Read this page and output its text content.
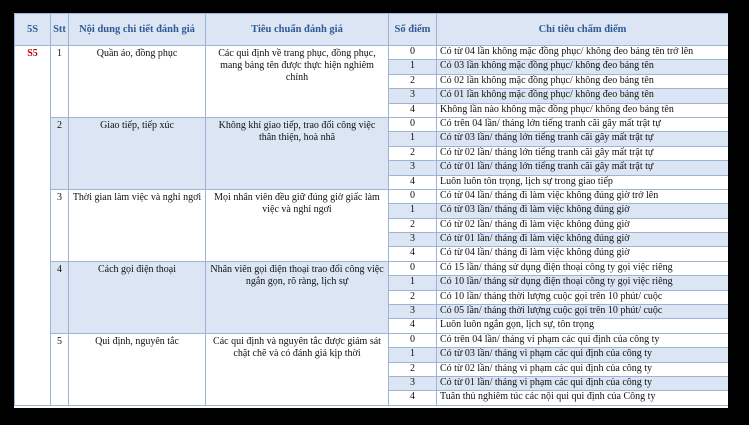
5S	Stt	Nội dung chi tiết đánh giá	Tiêu chuẩn đánh giá	Số điểm	Chỉ tiêu chấm điểm
S5	1	Quần áo, đồng phục	Các qui định về trang phục, đồng phục, mang bảng tên được thực hiện nghiêm chỉnh	0	Có từ 04 lần không mặc đồng phục/ không đeo bảng tên trở lên
				1	Có 03 lần không mặc đồng phục/ không đeo bảng tên
				2	Có 02 lần không mặc đồng phục/ không đeo bảng tên
				3	Có 01 lần không mặc đồng phục/ không đeo bảng tên
				4	Không lần nào không mặc đồng phục/ không đeo bảng tên
	2	Giao tiếp, tiếp xúc	Không khí giao tiếp, trao đổi công việc thân thiện, hoà nhã	0	Có trên 04 lần/ tháng lớn tiếng tranh cãi gây mất trật tự
				1	Có từ 03 lần/ tháng lớn tiếng tranh cãi gây mất trật tự
				2	Có từ 02 lần/ tháng lớn tiếng tranh cãi gây mất trật tự
				3	Có từ 01 lần/ tháng lớn tiếng tranh cãi gây mất trật tự
				4	Luôn luôn tôn trọng, lịch sự trong giao tiếp
	3	Thời gian làm việc và nghỉ ngơi	Mọi nhân viên đều giữ đúng giờ giấc làm việc và nghỉ ngơi	0	Có từ 04 lần/ tháng đi làm việc không đúng giờ trở lên
				1	Có từ 03 lần/ tháng đi làm việc không đúng giờ
				2	Có từ 02 lần/ tháng đi làm việc không đúng giờ
				3	Có từ 01 lần/ tháng đi làm việc không đúng giờ
				4	Có từ 04 lần/ tháng đi làm việc không đúng giờ
	4	Cách gọi điện thoại	Nhân viên gọi điện thoại trao đổi công việc ngắn gọn, rõ ràng, lịch sự	0	Có 15 lần/ tháng sử dụng điện thoại công ty gọi việc riêng
				1	Có 10 lần/ tháng sử dụng điện thoại công ty gọi việc riêng
				2	Có 10 lần/ tháng thời lượng cuộc gọi trên 10 phút/ cuộc
				3	Có 05 lần/ tháng thời lượng cuộc gọi trên 10 phút/ cuộc
				4	Luôn luôn ngắn gọn, lịch sự, tôn trọng
	5	Qui định, nguyên tắc	Các qui định và nguyên tắc được giám sát chặt chẽ và có đánh giá kịp thời	0	Có trên 04 lần/ tháng vi phạm các qui định của công ty
				1	Có từ 03 lần/ tháng vi phạm các qui định của công ty
				2	Có từ 02 lần/ tháng vi phạm các qui định của công ty
				3	Có từ 01 lần/ tháng vi phạm các qui định của công ty
				4	Tuân thủ nghiêm túc các nội qui qui định của Công ty
